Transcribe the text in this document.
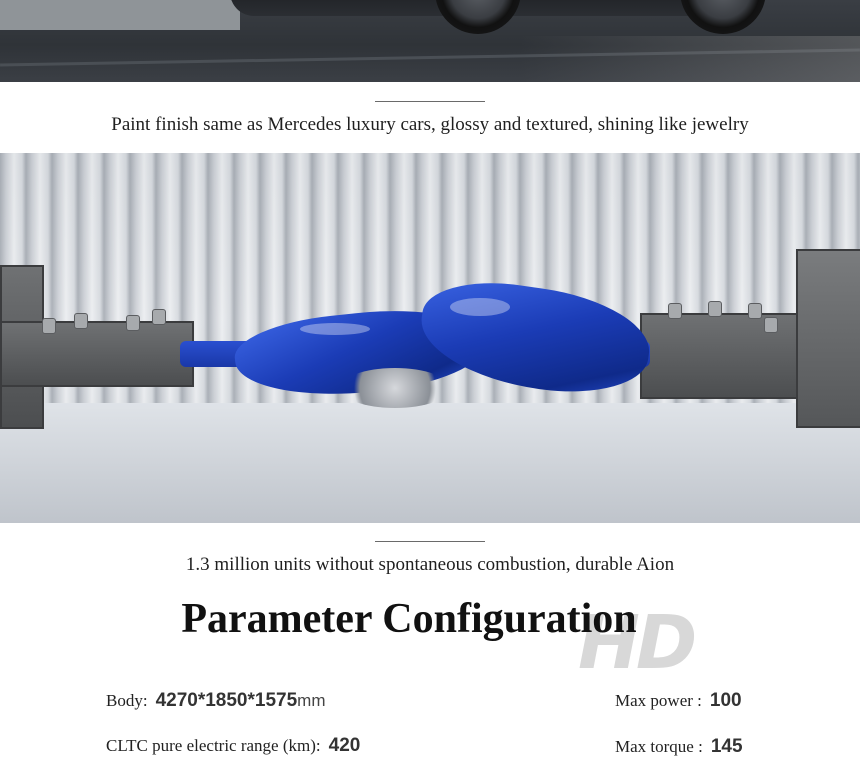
Paint finish same as Mercedes luxury cars, glossy and textured, shining like jewelry
1.3 million units without spontaneous combustion, durable Aion
HD
Parameter Configuration
Body: 4270*1850*1575mm	Max power : 100
CLTC pure electric range (km): 420	Max torque : 145
